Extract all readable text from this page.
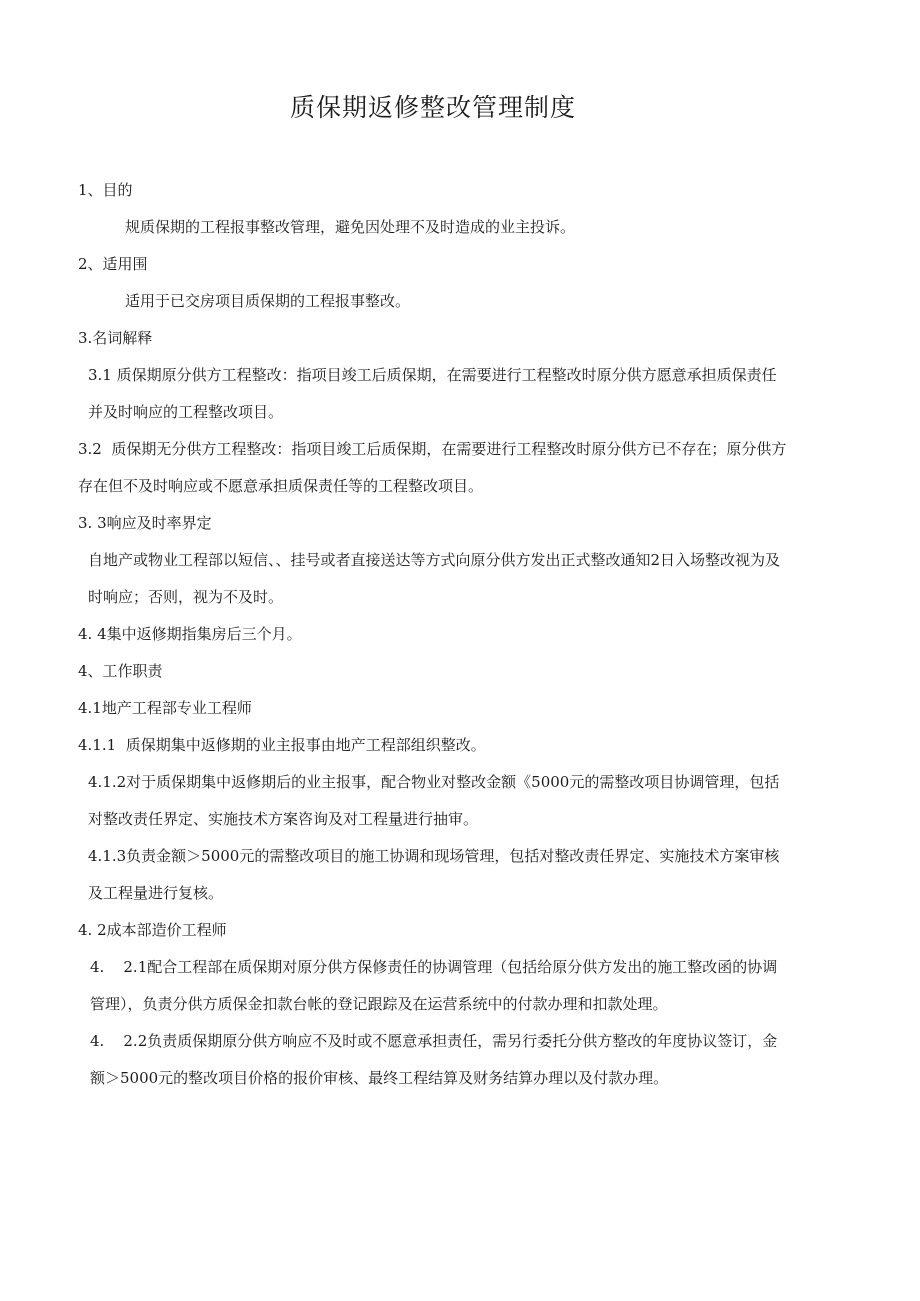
质保期返修整改管理制度

1、目的

规质保期的工程报事整改管理，避免因处理不及时造成的业主投诉。

2、适用围

适用于已交房项目质保期的工程报事整改。

3.名词解释

3.1 质保期原分供方工程整改：指项目竣工后质保期，在需要进行工程整改时原分供方愿意承担质保责任并及时响应的工程整改项目。

3.2  质保期无分供方工程整改：指项目竣工后质保期，在需要进行工程整改时原分供方已不存在；原分供方存在但不及时响应或不愿意承担质保责任等的工程整改项目。

3. 3响应及时率界定

自地产或物业工程部以短信、、挂号或者直接送达等方式向原分供方发出正式整改通知2日入场整改视为及时响应；否则，视为不及时。

4. 4集中返修期指集房后三个月。

4、工作职责

4.1地产工程部专业工程师

4.1.1  质保期集中返修期的业主报事由地产工程部组织整改。

4.1.2对于质保期集中返修期后的业主报事，配合物业对整改金额《5000元的需整改项目协调管理，包括对整改责任界定、实施技术方案咨询及对工程量进行抽审。

4.1.3负责金额＞5000元的需整改项目的施工协调和现场管理，包括对整改责任界定、实施技术方案审核及工程量进行复核。

4. 2成本部造价工程师

4.    2.1配合工程部在质保期对原分供方保修责任的协调管理（包括给原分供方发出的施工整改函的协调管理），负责分供方质保金扣款台帐的登记跟踪及在运营系统中的付款办理和扣款处理。

4.    2.2负责质保期原分供方响应不及时或不愿意承担责任，需另行委托分供方整改的年度协议签订，金额＞5000元的整改项目价格的报价审核、最终工程结算及财务结算办理以及付款办理。
